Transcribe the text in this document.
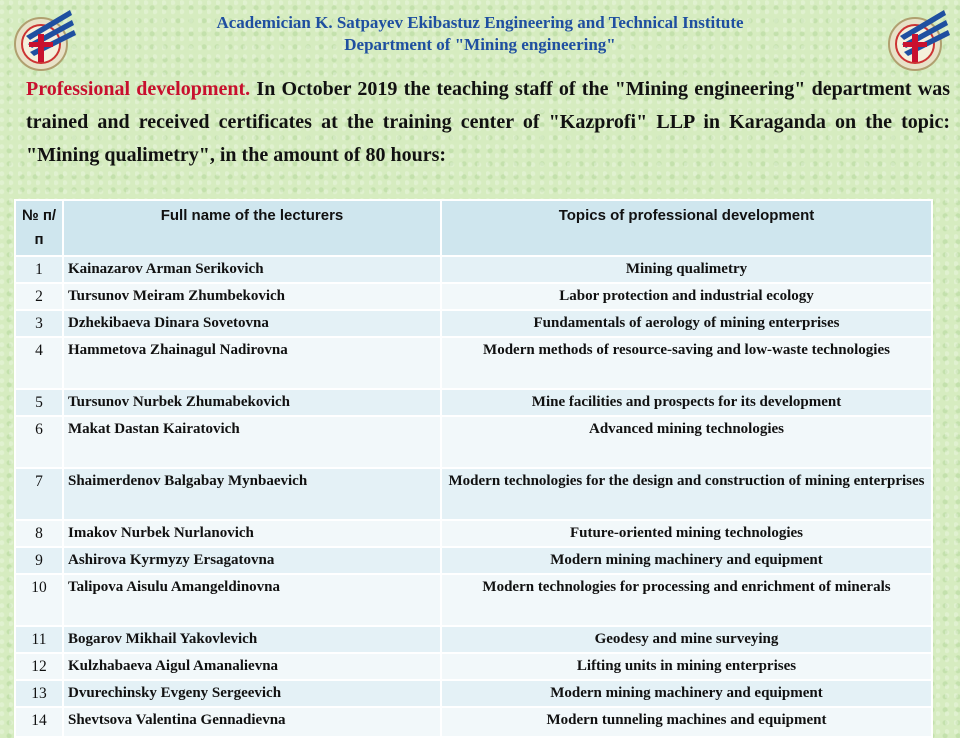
Academician K. Satpayev Ekibastuz Engineering and Technical Institute
Department of "Mining engineering"
Professional development. In October 2019 the teaching staff of the "Mining engineering" department was trained and received certificates at the training center of "Kazprofi" LLP in Karaganda on the topic: "Mining qualimetry", in the amount of 80 hours:
№ п/п	Full name of the lecturers	Topics of professional development
1	Kainazarov Arman Serikovich	Mining qualimetry
2	Tursunov Meiram Zhumbekovich	Labor protection and industrial ecology
3	Dzhekibaeva Dinara Sovetovna	Fundamentals of aerology of mining enterprises
4	Hammetova Zhainagul Nadirovna	Modern methods of resource-saving and low-waste technologies
5	Tursunov Nurbek Zhumabekovich	Mine facilities and prospects for its development
6	Makat Dastan Kairatovich	Advanced mining technologies
7	Shaimerdenov Balgabay Mynbaevich	Modern technologies for the design and construction of mining enterprises
8	Imakov Nurbek Nurlanovich	Future-oriented mining technologies
9	Ashirova Kyrmyzy Ersagatovna	Modern mining machinery and equipment
10	Talipova Aisulu Amangeldinovna	Modern technologies for processing and enrichment of minerals
11	Bogarov Mikhail Yakovlevich	Geodesy and mine surveying
12	Kulzhabaeva Aigul Amanalievna	Lifting units in mining enterprises
13	Dvurechinsky Evgeny Sergeevich	Modern mining machinery and equipment
14	Shevtsova Valentina Gennadievna	Modern tunneling machines and equipment
